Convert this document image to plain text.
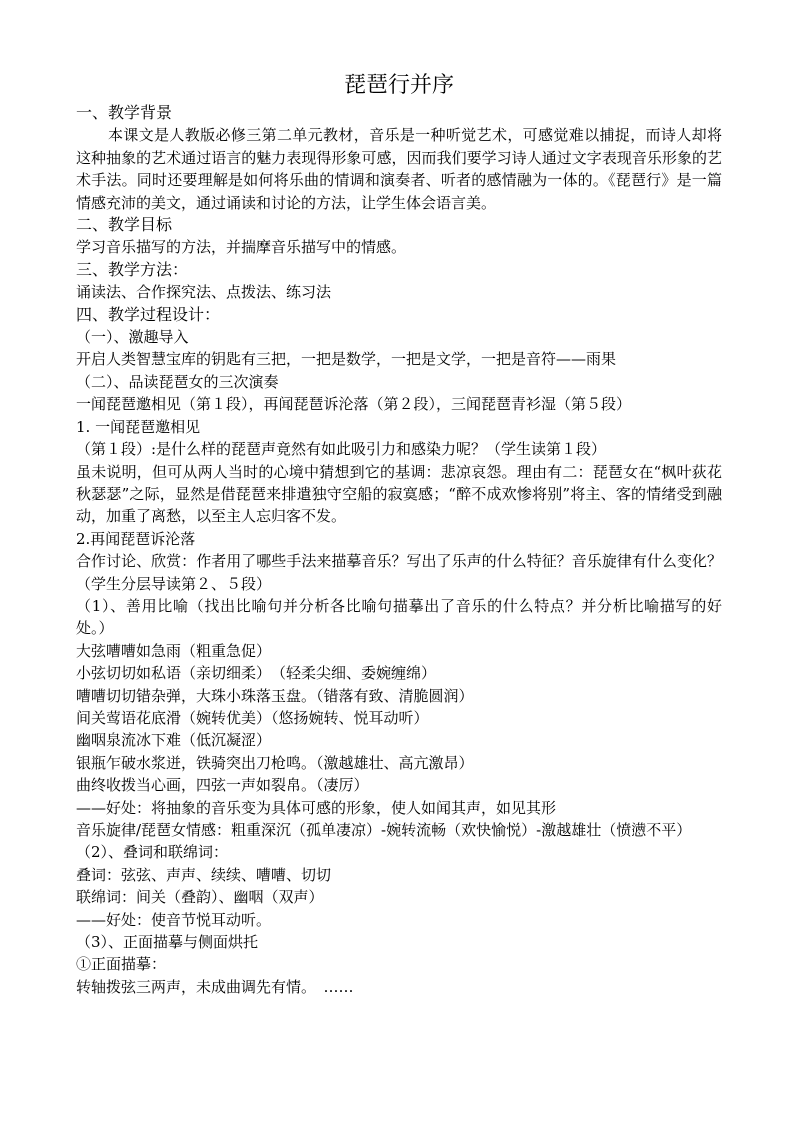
琵琶行并序

一、教学背景

本课文是人教版必修三第二单元教材，音乐是一种听觉艺术，可感觉难以捕捉，而诗人却将这种抽象的艺术通过语言的魅力表现得形象可感，因而我们要学习诗人通过文字表现音乐形象的艺术手法。同时还要理解是如何将乐曲的情调和演奏者、听者的感情融为一体的。《琵琶行》是一篇情感充沛的美文，通过诵读和讨论的方法，让学生体会语言美。

二、教学目标

学习音乐描写的方法，并揣摩音乐描写中的情感。

三、教学方法：

诵读法、合作探究法、点拨法、练习法

四、教学过程设计：

（一）、激趣导入

开启人类智慧宝库的钥匙有三把，一把是数学，一把是文学，一把是音符——雨果

（二）、品读琵琶女的三次演奏

一闻琵琶邀相见（第１段），再闻琵琶诉沦落（第２段），三闻琵琶青衫湿（第５段）

1. 一闻琵琶邀相见

（第１段）:是什么样的琵琶声竟然有如此吸引力和感染力呢？（学生读第１段）

虽未说明，但可从两人当时的心境中猜想到它的基调：悲凉哀怨。理由有二：琵琶女在“枫叶荻花秋瑟瑟”之际，显然是借琵琶来排遣独守空船的寂寞感；“醉不成欢惨将别”将主、客的情绪受到融动，加重了离愁，以至主人忘归客不发。

2.再闻琵琶诉沦落

合作讨论、欣赏：作者用了哪些手法来描摹音乐？写出了乐声的什么特征？音乐旋律有什么变化？（学生分层导读第２、５段）

（1）、善用比喻（找出比喻句并分析各比喻句描摹出了音乐的什么特点？并分析比喻描写的好处。）

大弦嘈嘈如急雨（粗重急促）

小弦切切如私语（亲切细柔）　（轻柔尖细、委婉缠绵）

嘈嘈切切错杂弹，大珠小珠落玉盘。（错落有致、清脆圆润）

间关莺语花底滑（婉转优美）（悠扬婉转、悦耳动听）

幽咽泉流冰下难（低沉凝涩）

银瓶乍破水浆迸，铁骑突出刀枪鸣。（激越雄壮、高亢激昂）

曲终收拨当心画，四弦一声如裂帛。（凄厉）

——好处：将抽象的音乐变为具体可感的形象，使人如闻其声，如见其形

音乐旋律/琵琶女情感：粗重深沉（孤单凄凉）-婉转流畅（欢快愉悦）-激越雄壮（愤懑不平）

（2）、叠词和联绵词：

叠词：弦弦、声声、续续、嘈嘈、切切

联绵词：间关（叠韵）、幽咽（双声）

——好处：使音节悦耳动听。

（3）、正面描摹与侧面烘托

①正面描摹：

转轴拨弦三两声，未成曲调先有情。　……
